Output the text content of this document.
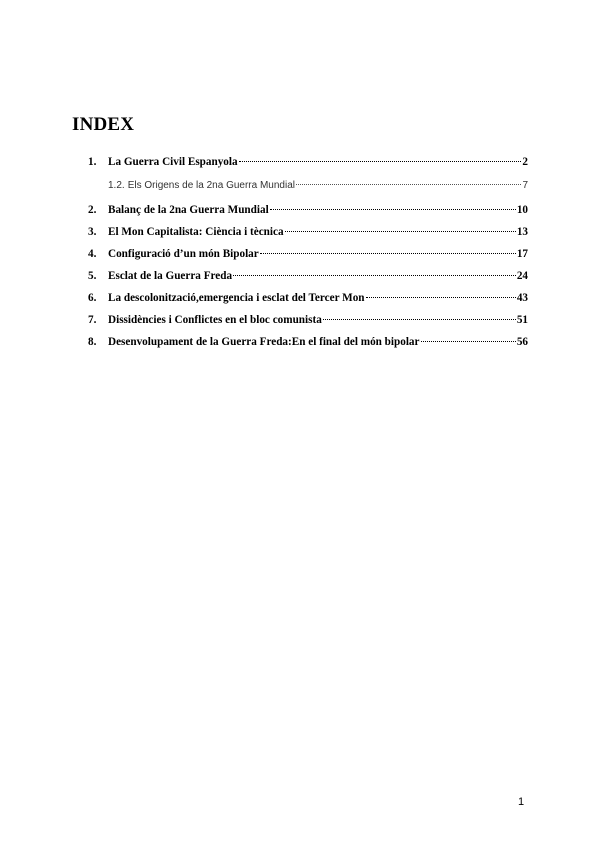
INDEX
1.	La Guerra Civil Espanyola	2
1.2. Els Origens de la 2na Guerra Mundial	7
2.	Balanç de la 2na Guerra Mundial	10
3.	El Mon Capitalista: Ciència i tècnica	13
4.	Configuració d’un món Bipolar	17
5.	Esclat de la Guerra Freda	24
6.	La descolonització,emergencia i esclat del Tercer Mon	43
7.	Dissidències i Conflictes en el bloc comunista	51
8.	Desenvolupament de la Guerra Freda:En el final del món bipolar	56
1
